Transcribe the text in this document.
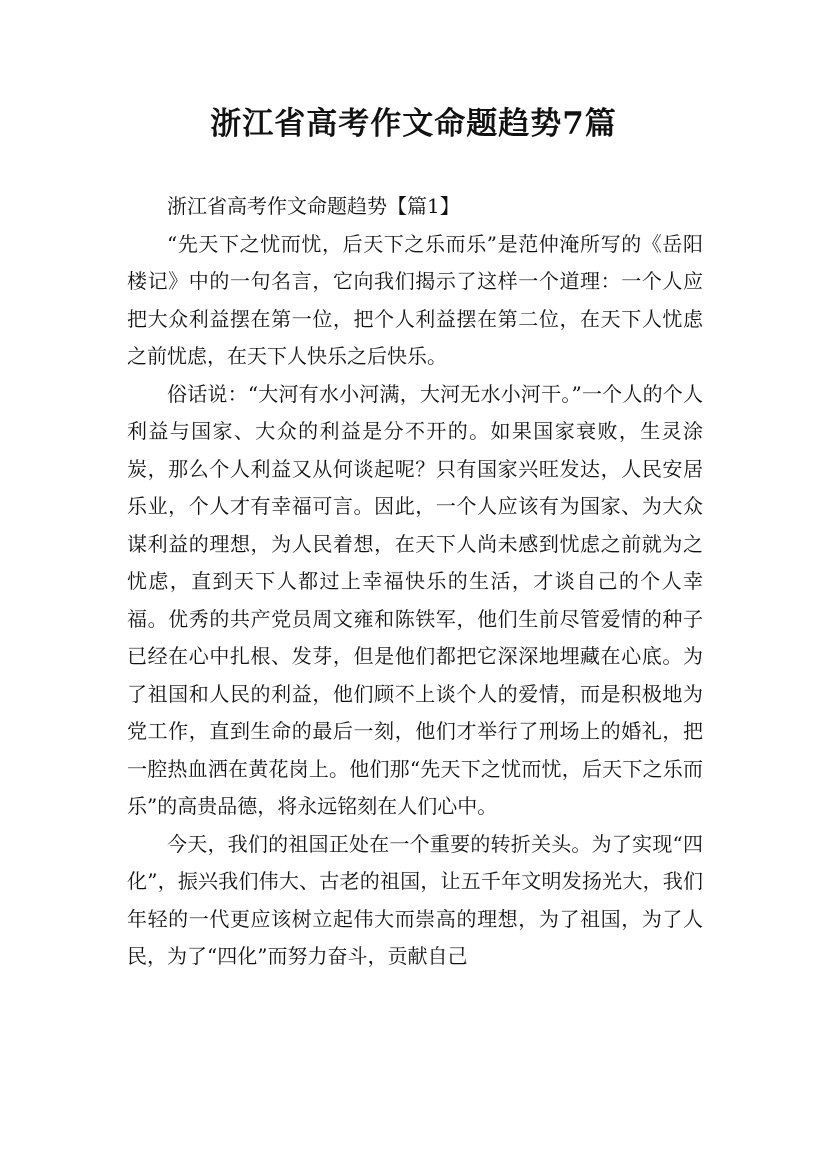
浙江省高考作文命题趋势7篇

浙江省高考作文命题趋势【篇1】

“先天下之忧而忧，后天下之乐而乐”是范仲淹所写的《岳阳楼记》中的一句名言，它向我们揭示了这样一个道理：一个人应把大众利益摆在第一位，把个人利益摆在第二位，在天下人忧虑之前忧虑，在天下人快乐之后快乐。

俗话说：“大河有水小河满，大河无水小河干。”一个人的个人利益与国家、大众的利益是分不开的。如果国家衰败，生灵涂炭，那么个人利益又从何谈起呢？只有国家兴旺发达，人民安居乐业，个人才有幸福可言。因此，一个人应该有为国家、为大众谋利益的理想，为人民着想，在天下人尚未感到忧虑之前就为之忧虑，直到天下人都过上幸福快乐的生活，才谈自己的个人幸福。优秀的共产党员周文雍和陈铁军，他们生前尽管爱情的种子已经在心中扎根、发芽，但是他们都把它深深地埋藏在心底。为了祖国和人民的利益，他们顾不上谈个人的爱情，而是积极地为党工作，直到生命的最后一刻，他们才举行了刑场上的婚礼，把一腔热血洒在黄花岗上。他们那“先天下之忧而忧，后天下之乐而乐”的高贵品德，将永远铭刻在人们心中。

今天，我们的祖国正处在一个重要的转折关头。为了实现“四化”，振兴我们伟大、古老的祖国，让五千年文明发扬光大，我们年轻的一代更应该树立起伟大而崇高的理想，为了祖国，为了人民，为了“四化”而努力奋斗，贡献自己
